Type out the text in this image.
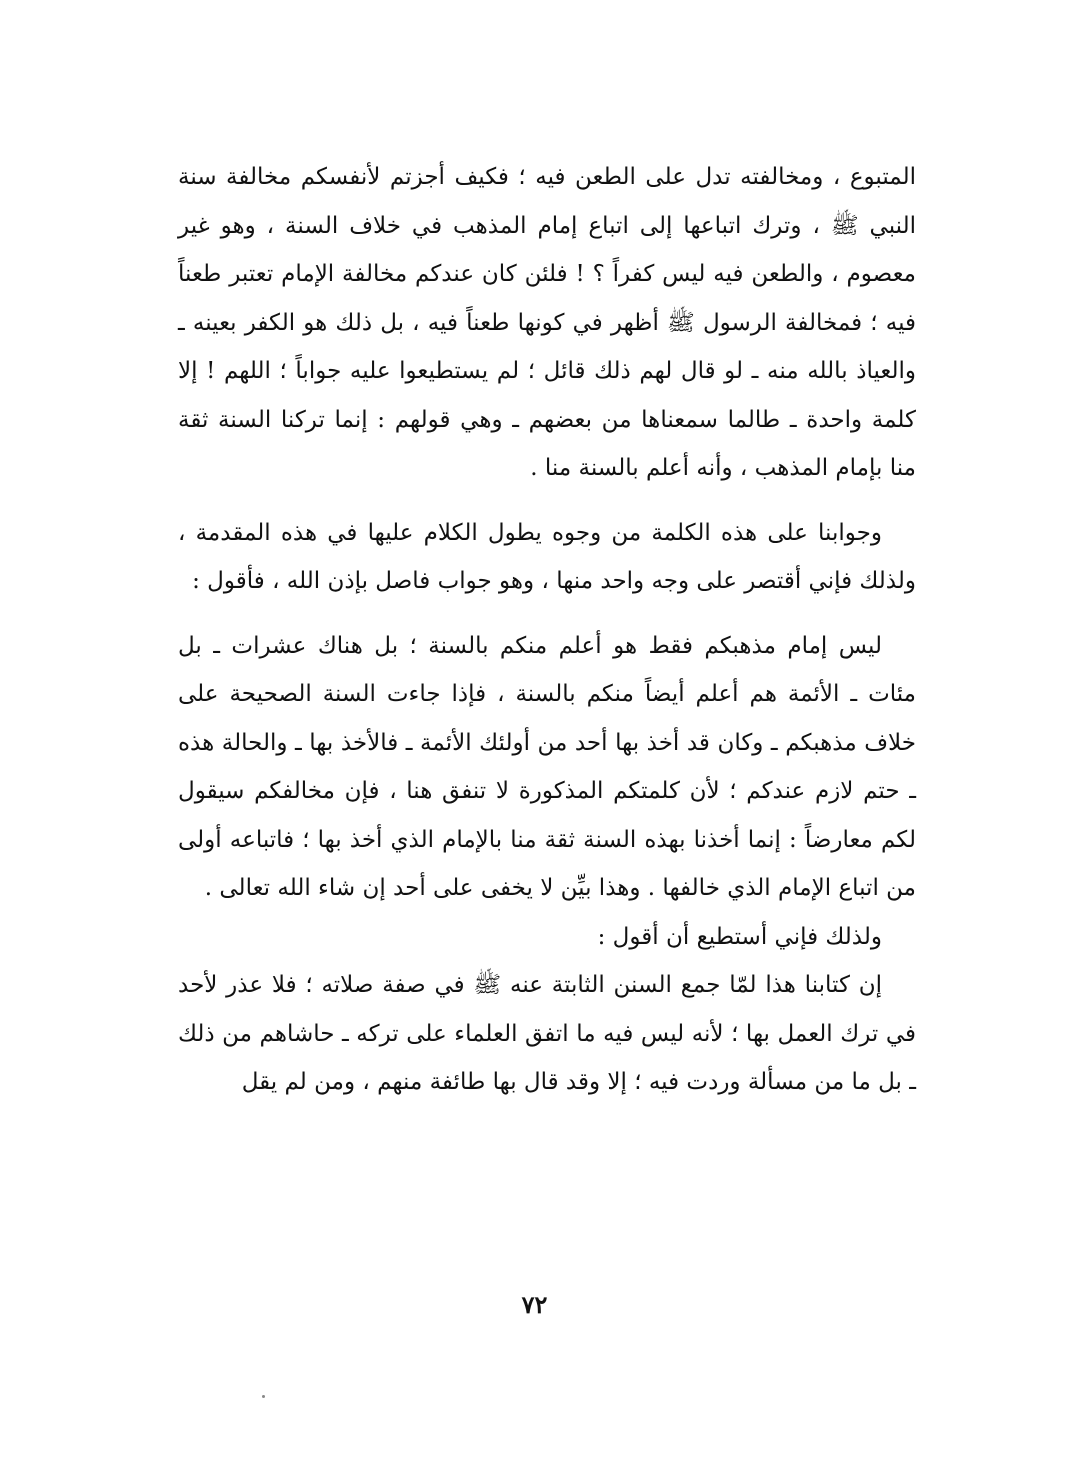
المتبوع ، ومخالفته تدل على الطعن فيه ؛ فكيف أجزتم لأنفسكم مخالفة سنة النبي ﷺ ، وترك اتباعها إلى اتباع إمام المذهب في خلاف السنة ، وهو غير معصوم ، والطعن فيه ليس كفراً ؟ ! فلئن كان عندكم مخالفة الإمام تعتبر طعناً فيه ؛ فمخالفة الرسول ﷺ أظهر في كونها طعناً فيه ، بل ذلك هو الكفر بعينه ـ والعياذ بالله منه ـ لو قال لهم ذلك قائل ؛ لم يستطيعوا عليه جواباً ؛ اللهم ! إلا كلمة واحدة ـ طالما سمعناها من بعضهم ـ وهي قولهم : إنما تركنا السنة ثقة منا بإمام المذهب ، وأنه أعلم بالسنة منا .

وجوابنا على هذه الكلمة من وجوه يطول الكلام عليها في هذه المقدمة ، ولذلك فإني أقتصر على وجه واحد منها ، وهو جواب فاصل بإذن الله ، فأقول :

ليس إمام مذهبكم فقط هو أعلم منكم بالسنة ؛ بل هناك عشرات ـ بل مئات ـ الأئمة هم أعلم أيضاً منكم بالسنة ، فإذا جاءت السنة الصحيحة على خلاف مذهبكم ـ وكان قد أخذ بها أحد من أولئك الأئمة ـ فالأخذ بها ـ والحالة هذه ـ حتم لازم عندكم ؛ لأن كلمتكم المذكورة لا تنفق هنا ، فإن مخالفكم سيقول لكم معارضاً : إنما أخذنا بهذه السنة ثقة منا بالإمام الذي أخذ بها ؛ فاتباعه أولى من اتباع الإمام الذي خالفها . وهذا بيِّن لا يخفى على أحد إن شاء الله تعالى .

ولذلك فإني أستطيع أن أقول :

إن كتابنا هذا لمّا جمع السنن الثابتة عنه ﷺ في صفة صلاته ؛ فلا عذر لأحد في ترك العمل بها ؛ لأنه ليس فيه ما اتفق العلماء على تركه ـ حاشاهم من ذلك ـ بل ما من مسألة وردت فيه ؛ إلا وقد قال بها طائفة منهم ، ومن لم يقل

٧٢
